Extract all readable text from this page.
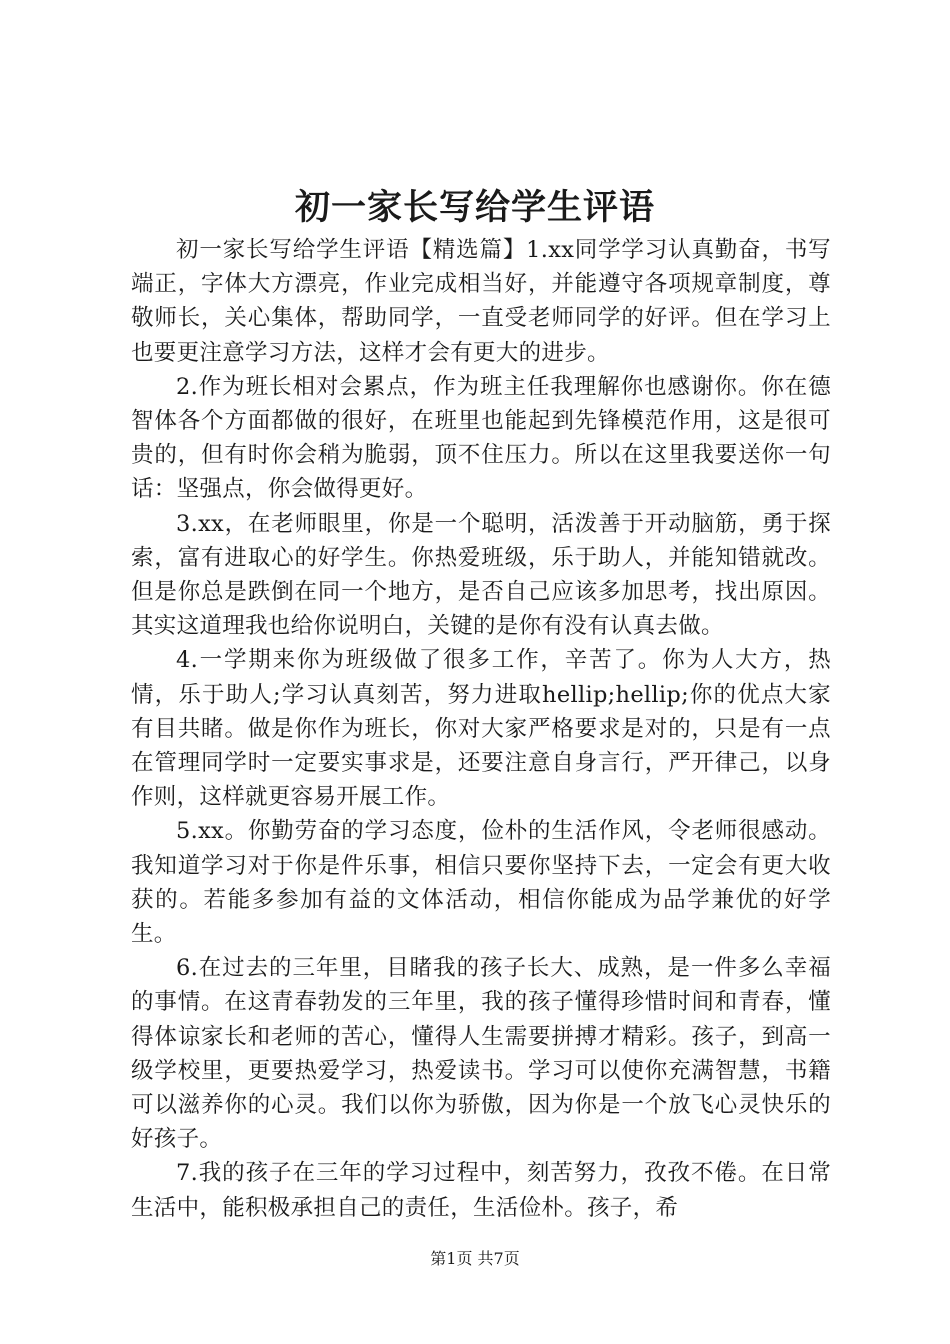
初一家长写给学生评语

初一家长写给学生评语【精选篇】1.xx同学学习认真勤奋，书写端正，字体大方漂亮，作业完成相当好，并能遵守各项规章制度，尊敬师长，关心集体，帮助同学，一直受老师同学的好评。但在学习上也要更注意学习方法，这样才会有更大的进步。

2.作为班长相对会累点，作为班主任我理解你也感谢你。你在德智体各个方面都做的很好，在班里也能起到先锋模范作用，这是很可贵的，但有时你会稍为脆弱，顶不住压力。所以在这里我要送你一句话：坚强点，你会做得更好。

3.xx，在老师眼里，你是一个聪明，活泼善于开动脑筋，勇于探索，富有进取心的好学生。你热爱班级，乐于助人，并能知错就改。但是你总是跌倒在同一个地方，是否自己应该多加思考，找出原因。其实这道理我也给你说明白，关键的是你有没有认真去做。

4.一学期来你为班级做了很多工作，辛苦了。你为人大方，热情，乐于助人;学习认真刻苦，努力进取hellip;hellip;你的优点大家有目共睹。做是你作为班长，你对大家严格要求是对的，只是有一点在管理同学时一定要实事求是，还要注意自身言行，严开律己，以身作则，这样就更容易开展工作。

5.xx。你勤劳奋的学习态度，俭朴的生活作风，令老师很感动。我知道学习对于你是件乐事，相信只要你坚持下去，一定会有更大收获的。若能多参加有益的文体活动，相信你能成为品学兼优的好学生。

6.在过去的三年里，目睹我的孩子长大、成熟，是一件多么幸福的事情。在这青春勃发的三年里，我的孩子懂得珍惜时间和青春，懂得体谅家长和老师的苦心，懂得人生需要拼搏才精彩。孩子，到高一级学校里，更要热爱学习，热爱读书。学习可以使你充满智慧，书籍可以滋养你的心灵。我们以你为骄傲，因为你是一个放飞心灵快乐的好孩子。

7.我的孩子在三年的学习过程中，刻苦努力，孜孜不倦。在日常生活中，能积极承担自己的责任，生活俭朴。孩子，希

第1页 共7页
